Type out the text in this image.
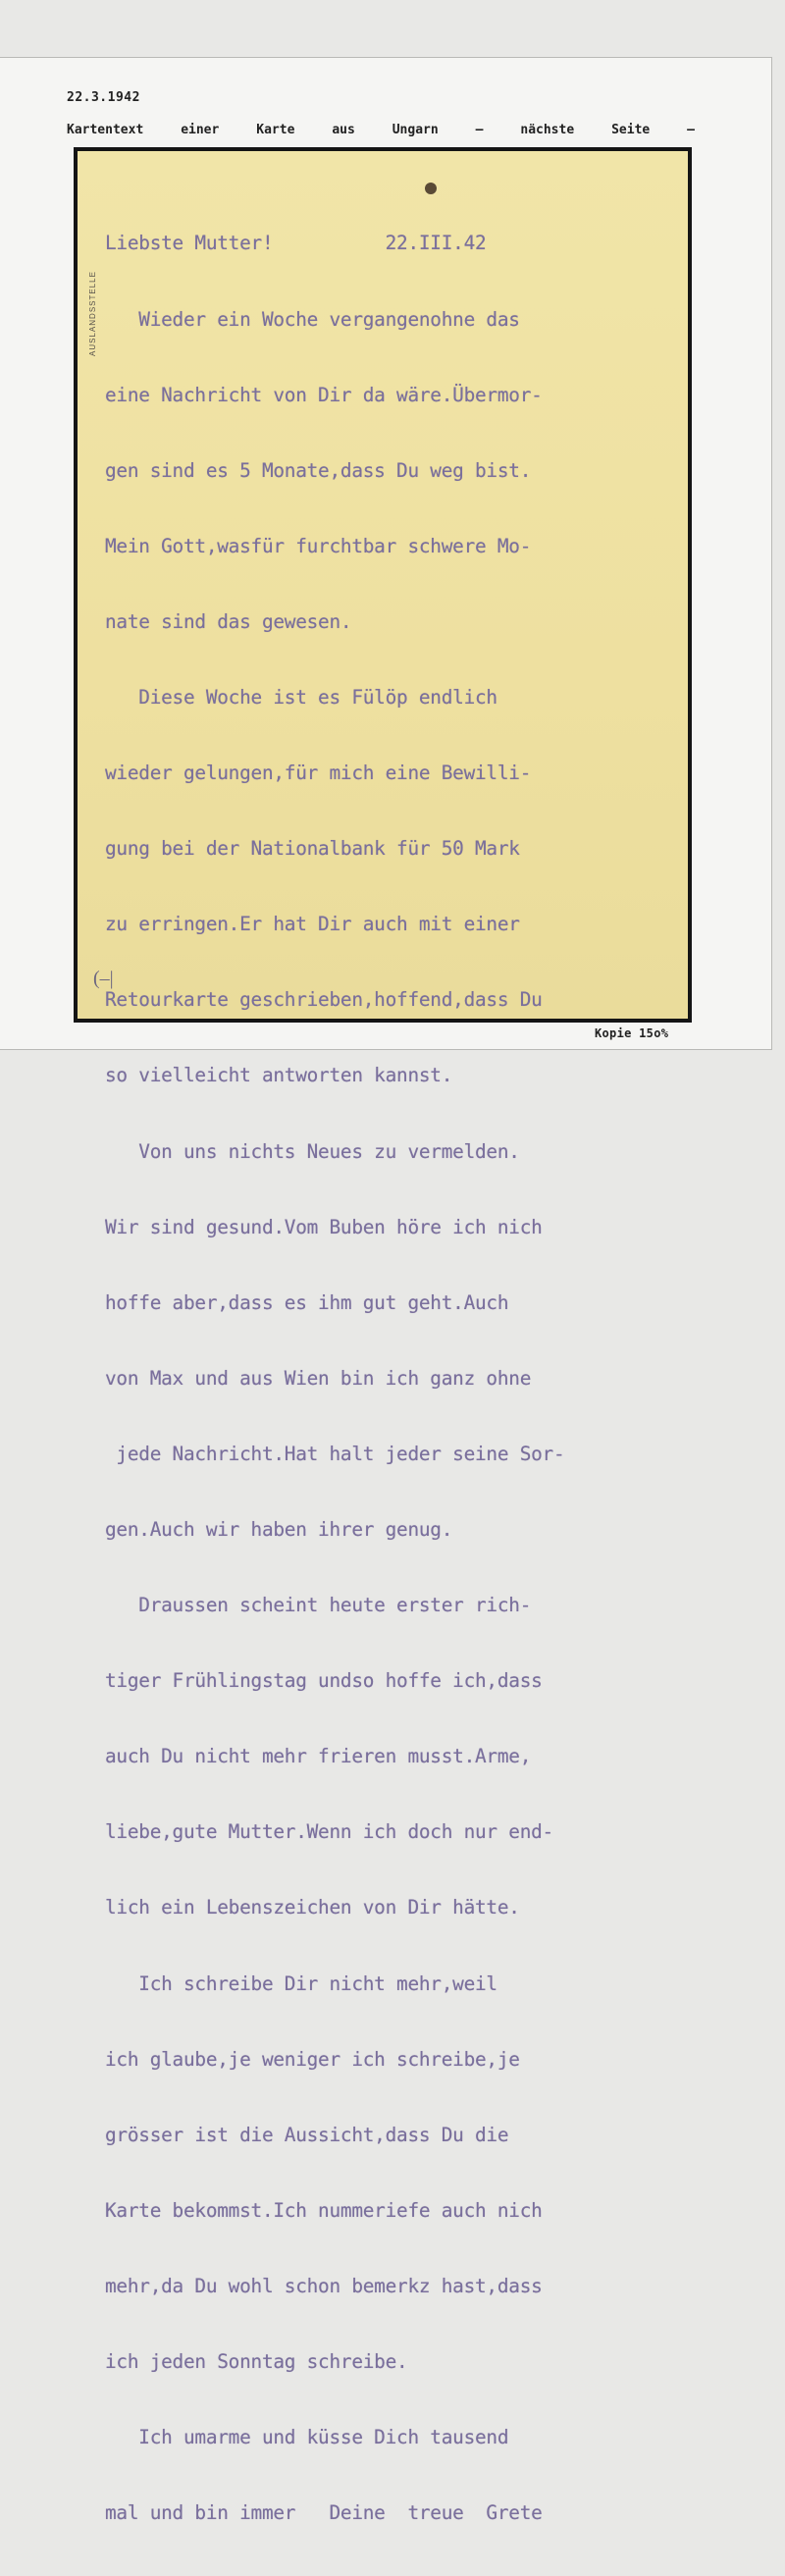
22.3.1942
Kartentext	einer	Karte	aus	Ungarn	–	nächste	Seite	–
AUSLANDSSTELLE

Liebste Mutter!          22.III.42

Wieder ein Woche vergangenohne das

eine Nachricht von Dir da wäre.Übermor-

gen sind es 5 Monate,dass Du weg bist.

Mein Gott,wasfür furchtbar schwere Mo-

nate sind das gewesen.

Diese Woche ist es Fülöp endlich

wieder gelungen,für mich eine Bewilli-

gung bei der Nationalbank für 50 Mark

zu erringen.Er hat Dir auch mit einer

Retourkarte geschrieben,hoffend,dass Du

so vielleicht antworten kannst.

Von uns nichts Neues zu vermelden.

Wir sind gesund.Vom Buben höre ich nich

hoffe aber,dass es ihm gut geht.Auch

von Max und aus Wien bin ich ganz ohne

jede Nachricht.Hat halt jeder seine Sor-

gen.Auch wir haben ihrer genug.

Draussen scheint heute erster rich-

tiger Frühlingstag undso hoffe ich,dass

auch Du nicht mehr frieren musst.Arme,

liebe,gute Mutter.Wenn ich doch nur end-

lich ein Lebenszeichen von Dir hätte.

Ich schreibe Dir nicht mehr,weil

ich glaube,je weniger ich schreibe,je

grösser ist die Aussicht,dass Du die

Karte bekommst.Ich nummeriefe auch nich

mehr,da Du wohl schon bemerkz hast,dass

ich jeden Sonntag schreibe.

Ich umarme und küsse Dich tausend

mal und bin immer   Deine  treue  Grete

(–|
Kopie 15o%
